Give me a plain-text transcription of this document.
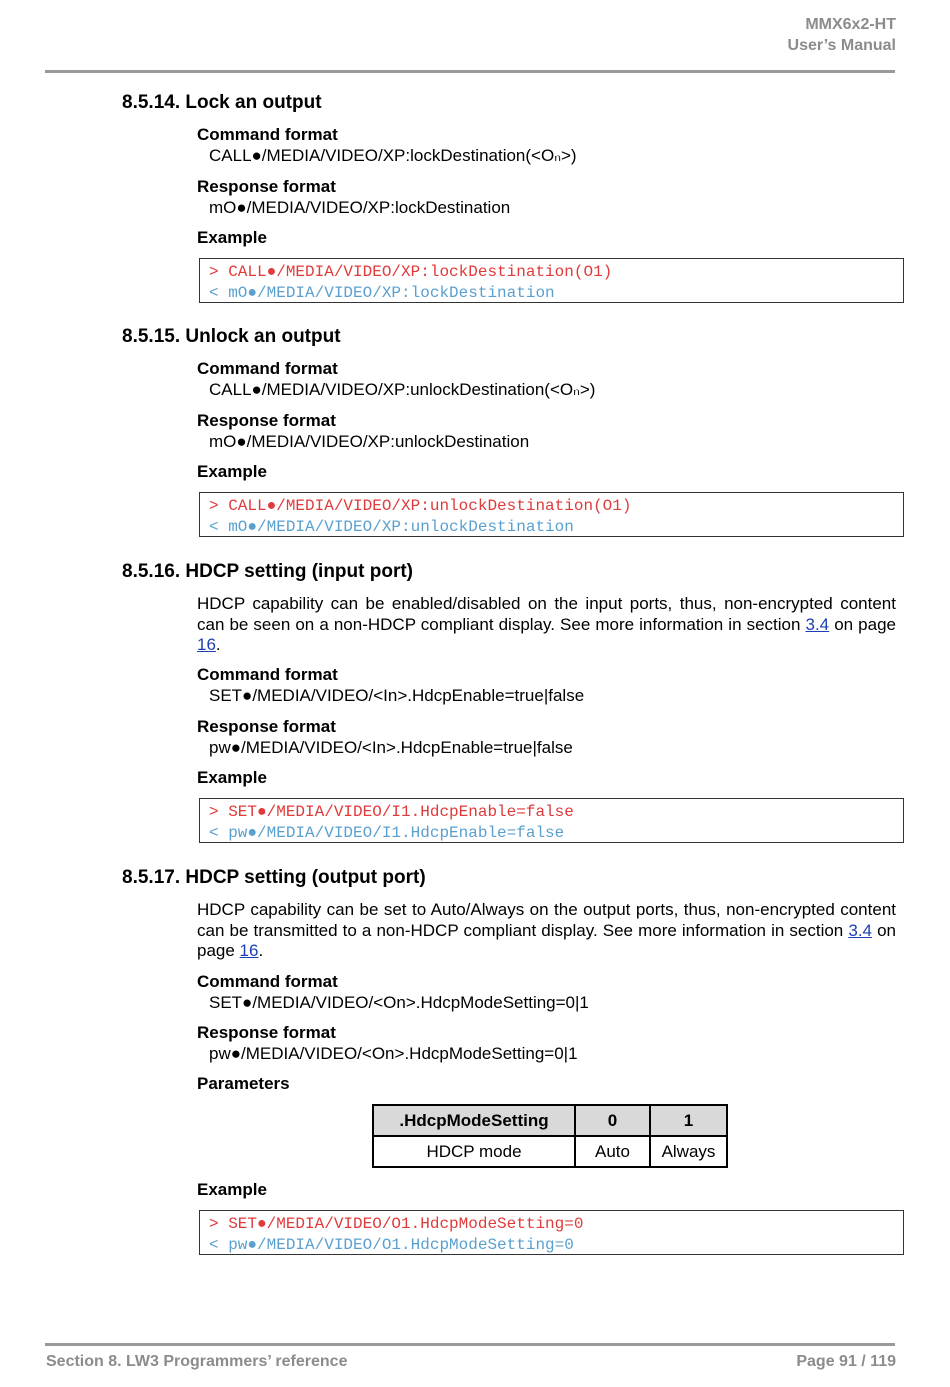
MMX6x2-HT
User’s Manual
8.5.14. Lock an output
Command format
CALL●/MEDIA/VIDEO/XP:lockDestination(<Oₙ>)
Response format
mO●/MEDIA/VIDEO/XP:lockDestination
Example
> CALL●/MEDIA/VIDEO/XP:lockDestination(O1)
< mO●/MEDIA/VIDEO/XP:lockDestination
8.5.15. Unlock an output
Command format
CALL●/MEDIA/VIDEO/XP:unlockDestination(<Oₙ>)
Response format
mO●/MEDIA/VIDEO/XP:unlockDestination
Example
> CALL●/MEDIA/VIDEO/XP:unlockDestination(O1)
< mO●/MEDIA/VIDEO/XP:unlockDestination
8.5.16. HDCP setting (input port)
HDCP capability can be enabled/disabled on the input ports, thus, non-encrypted content can be seen on a non-HDCP compliant display. See more information in section 3.4 on page 16.
Command format
SET●/MEDIA/VIDEO/<In>.HdcpEnable=true|false
Response format
pw●/MEDIA/VIDEO/<In>.HdcpEnable=true|false
Example
> SET●/MEDIA/VIDEO/I1.HdcpEnable=false
< pw●/MEDIA/VIDEO/I1.HdcpEnable=false
8.5.17. HDCP setting (output port)
HDCP capability can be set to Auto/Always on the output ports, thus, non-encrypted content can be transmitted to a non-HDCP compliant display. See more information in section 3.4 on page 16.
Command format
SET●/MEDIA/VIDEO/<On>.HdcpModeSetting=0|1
Response format
pw●/MEDIA/VIDEO/<On>.HdcpModeSetting=0|1
Parameters
.HdcpModeSetting	0	1
HDCP mode	Auto	Always
Example
> SET●/MEDIA/VIDEO/O1.HdcpModeSetting=0
< pw●/MEDIA/VIDEO/O1.HdcpModeSetting=0
Section 8. LW3 Programmers’ reference	Page 91 / 119
